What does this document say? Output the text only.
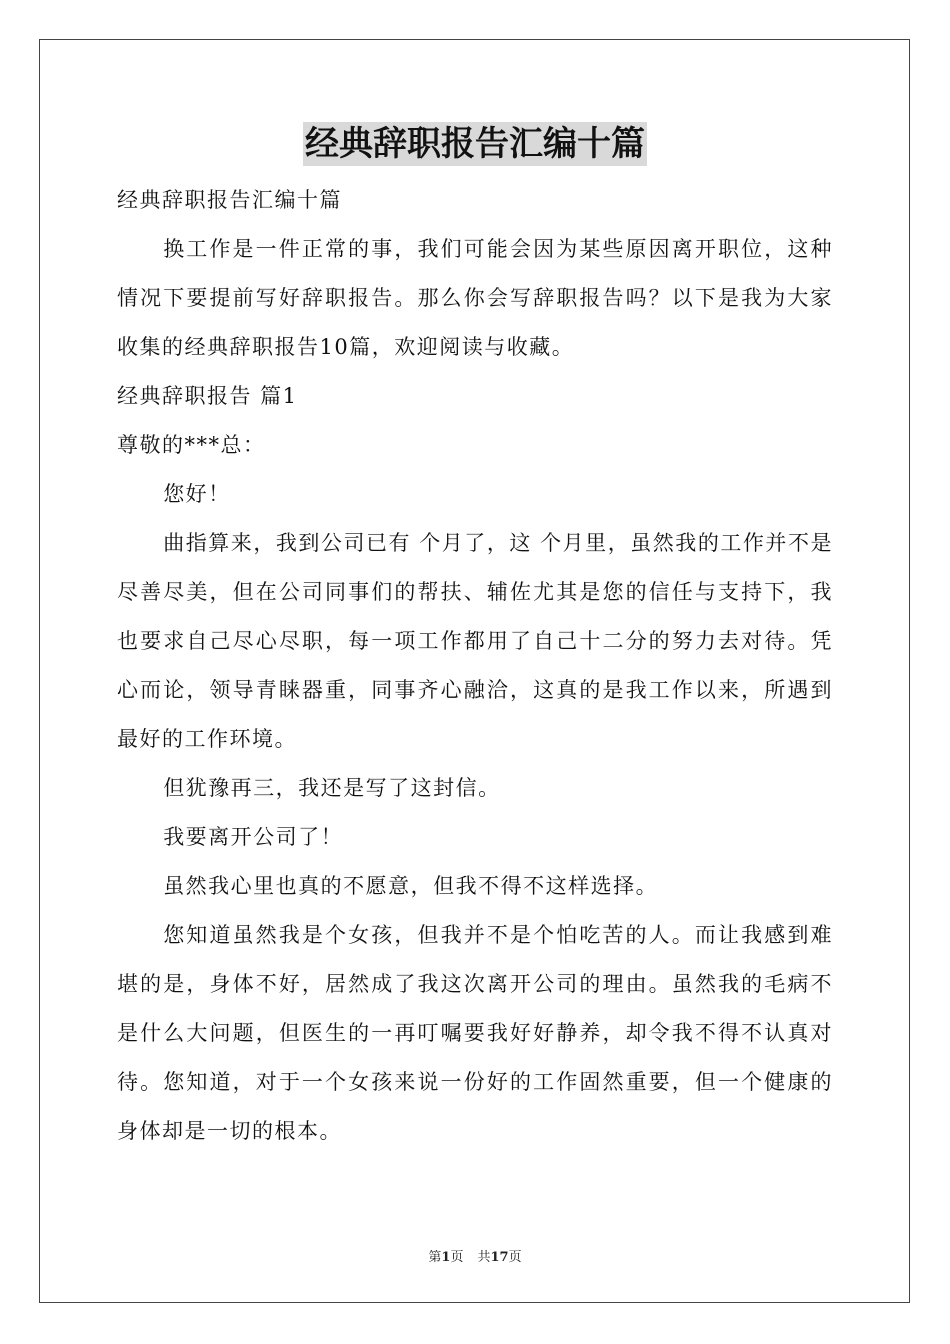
经典辞职报告汇编十篇

经典辞职报告汇编十篇

换工作是一件正常的事，我们可能会因为某些原因离开职位，这种情况下要提前写好辞职报告。那么你会写辞职报告吗？以下是我为大家收集的经典辞职报告10篇，欢迎阅读与收藏。

经典辞职报告 篇1

尊敬的***总：

您好！

曲指算来，我到公司已有 个月了，这 个月里，虽然我的工作并不是尽善尽美，但在公司同事们的帮扶、辅佐尤其是您的信任与支持下，我也要求自己尽心尽职，每一项工作都用了自己十二分的努力去对待。凭心而论，领导青睐器重，同事齐心融洽，这真的是我工作以来，所遇到最好的工作环境。

但犹豫再三，我还是写了这封信。

我要离开公司了！

虽然我心里也真的不愿意，但我不得不这样选择。

您知道虽然我是个女孩，但我并不是个怕吃苦的人。而让我感到难堪的是，身体不好，居然成了我这次离开公司的理由。虽然我的毛病不是什么大问题，但医生的一再叮嘱要我好好静养，却令我不得不认真对待。您知道，对于一个女孩来说一份好的工作固然重要，但一个健康的身体却是一切的根本。

第1页 共17页
